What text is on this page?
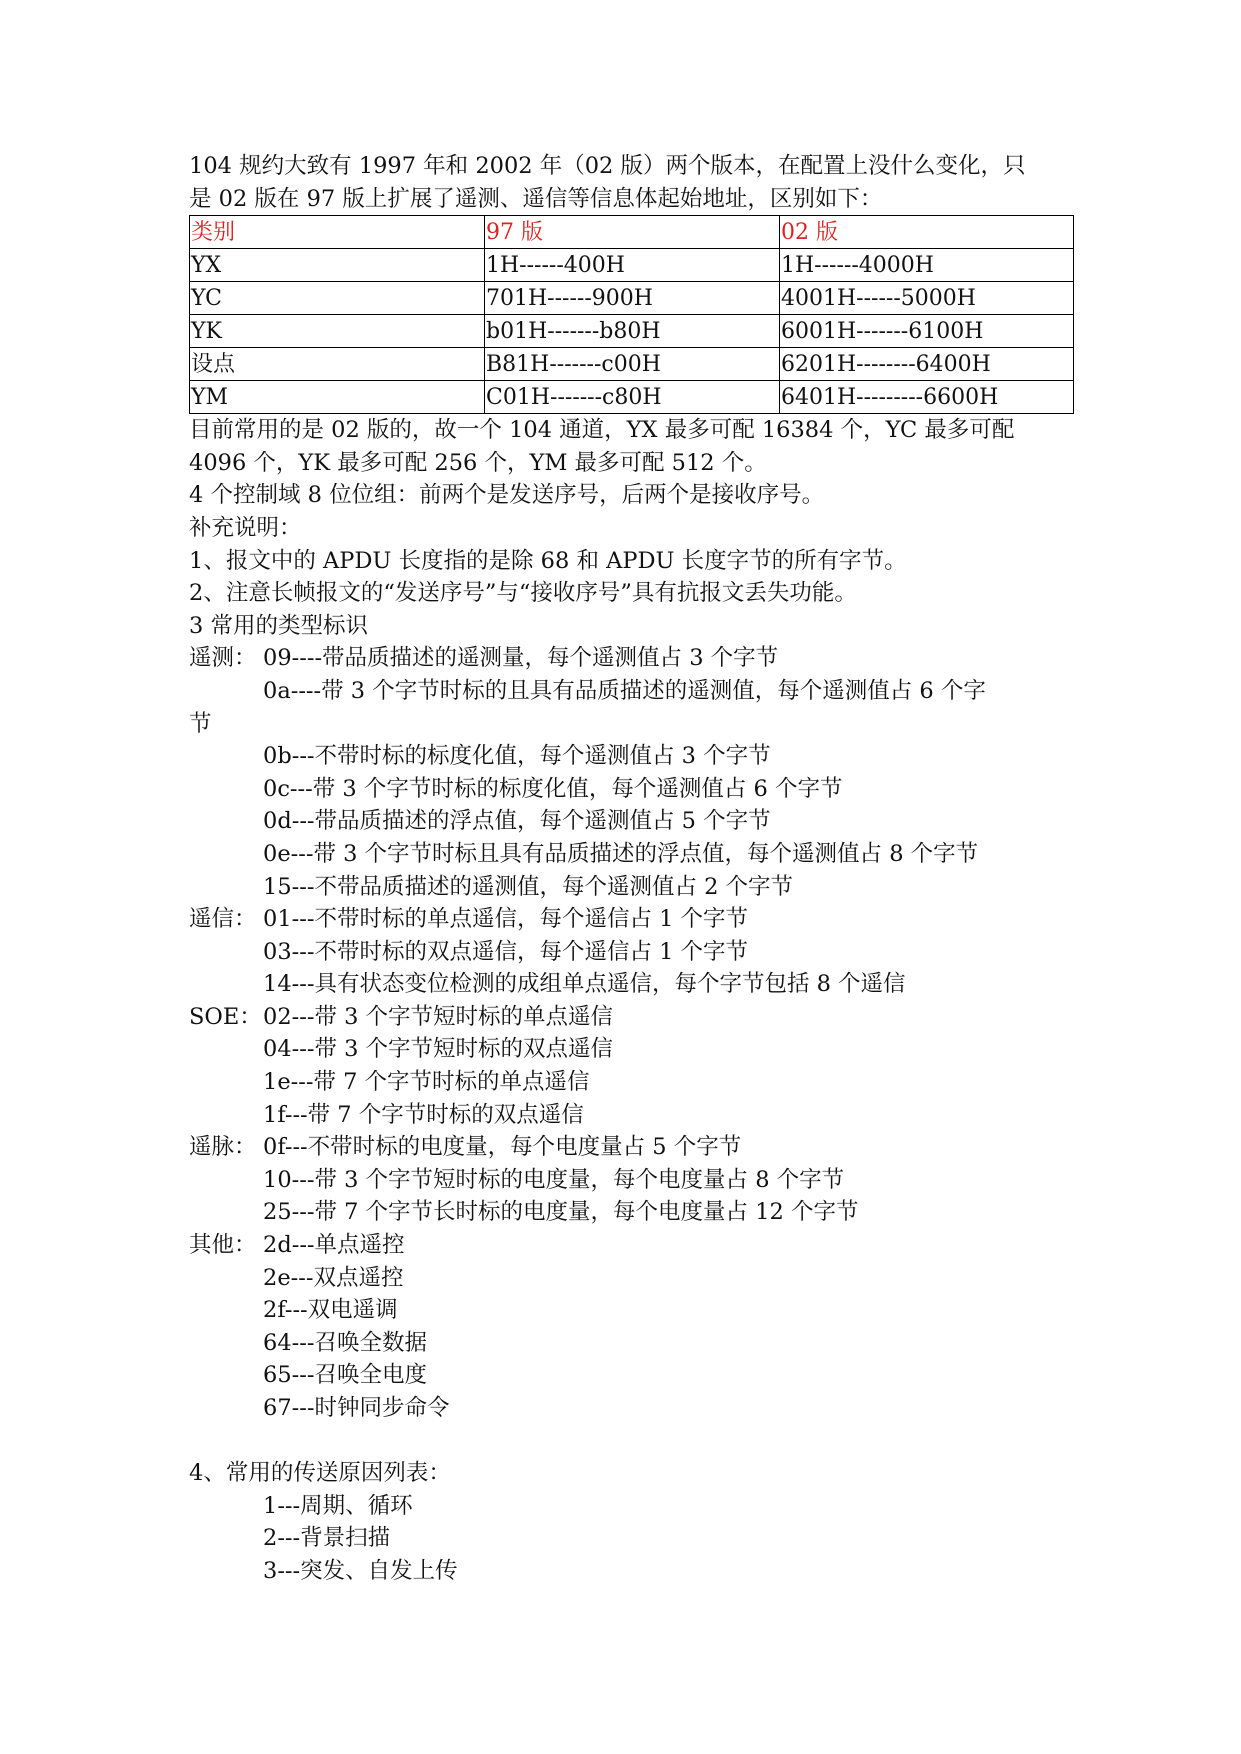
104 规约大致有 1997 年和 2002 年（02 版）两个版本，在配置上没什么变化，只
是 02 版在 97 版上扩展了遥测、遥信等信息体起始地址，区别如下：
类别	97 版	02 版
YX	1H------400H	1H------4000H
YC	701H------900H	4001H------5000H
YK	b01H-------b80H	6001H-------6100H
设点	B81H-------c00H	6201H--------6400H
YM	C01H-------c80H	6401H---------6600H
目前常用的是 02 版的，故一个 104 通道，YX 最多可配 16384 个，YC 最多可配
4096 个，YK 最多可配 256 个，YM 最多可配 512 个。
4 个控制域 8 位位组：前两个是发送序号，后两个是接收序号。
补充说明：
1、报文中的 APDU 长度指的是除 68 和 APDU 长度字节的所有字节。
2、注意长帧报文的“发送序号”与“接收序号”具有抗报文丢失功能。
3 常用的类型标识
遥测： 09----带品质描述的遥测量，每个遥测值占 3 个字节
0a----带 3 个字节时标的且具有品质描述的遥测值，每个遥测值占 6 个字
节
0b---不带时标的标度化值，每个遥测值占 3 个字节
0c---带 3 个字节时标的标度化值，每个遥测值占 6 个字节
0d---带品质描述的浮点值，每个遥测值占 5 个字节
0e---带 3 个字节时标且具有品质描述的浮点值，每个遥测值占 8 个字节
15---不带品质描述的遥测值，每个遥测值占 2 个字节
遥信： 01---不带时标的单点遥信，每个遥信占 1 个字节
03---不带时标的双点遥信，每个遥信占 1 个字节
14---具有状态变位检测的成组单点遥信，每个字节包括 8 个遥信
SOE：02---带 3 个字节短时标的单点遥信
04---带 3 个字节短时标的双点遥信
1e---带 7 个字节时标的单点遥信
1f---带 7 个字节时标的双点遥信
遥脉： 0f---不带时标的电度量，每个电度量占 5 个字节
10---带 3 个字节短时标的电度量，每个电度量占 8 个字节
25---带 7 个字节长时标的电度量，每个电度量占 12 个字节
其他： 2d---单点遥控
2e---双点遥控
2f---双电遥调
64---召唤全数据
65---召唤全电度
67---时钟同步命令
4、常用的传送原因列表：
1---周期、循环
2---背景扫描
3---突发、自发上传
